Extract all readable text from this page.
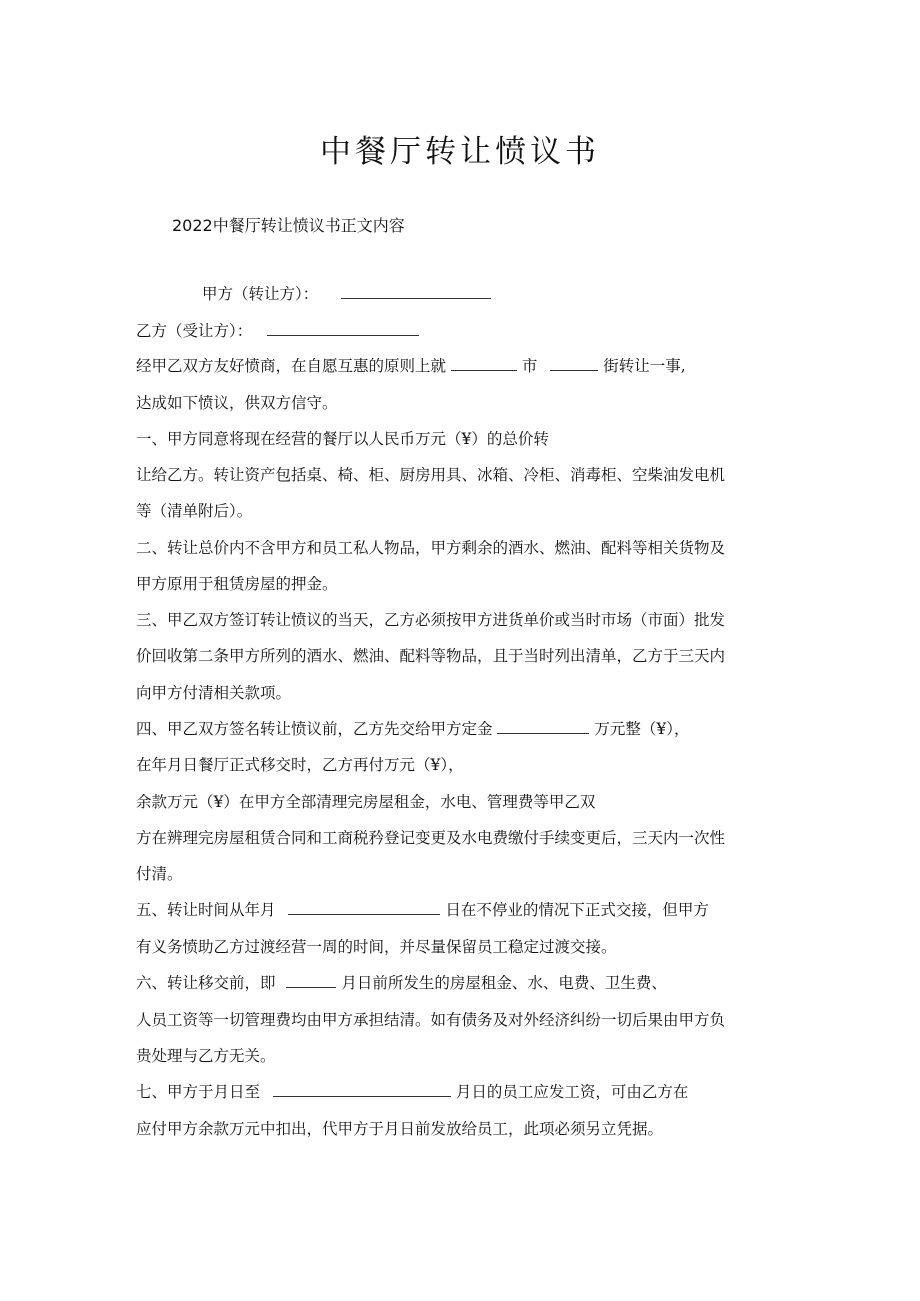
中餐厅转让愤议书
2022中餐厅转让愤议书正文内容
甲方（转让方）：
乙方（受让方）：
经甲乙双方友好愤商，在自愿互惠的原则上就	市	街转让一事,
达成如下愤议，供双方信守。
一、甲方同意将现在经营的餐厅以人民币万元（¥）的总价转
让给乙方。转让资产包括桌、椅、柜、厨房用具、冰箱、冷柜、消毒柜、空柴油发电机
等（清单附后）。
二、转让总价内不含甲方和员工私人物品，甲方剩余的酒水、燃油、配料等相关货物及
甲方原用于租赁房屋的押金。
三、甲乙双方签订转让愤议的当天，乙方必须按甲方进货单价或当时市场（市面）批发
价回收第二条甲方所列的酒水、燃油、配料等物品，且于当时列出清单，乙方于三天内
向甲方付清相关款项。
四、甲乙双方签名转让愤议前，乙方先交给甲方定金	万元整（¥），
在年月日餐厅正式移交时，乙方再付万元（¥），
余款万元（¥）在甲方全部清理完房屋租金，水电、管理费等甲乙双
方在辨理完房屋租赁合同和工商税矜登记变更及水电费缴付手续变更后，三天内一次性
付清。
五、转让时间从年月	日在不停业的情况下正式交接，但甲方
有义务愤助乙方过渡经营一周的时间，并尽量保留员工稳定过渡交接。
六、转让移交前，即	月日前所发生的房屋租金、水、电费、卫生费、
人员工资等一切管理费均由甲方承担结清。如有债务及对外经济纠纷一切后果由甲方负
贵处理与乙方无关。
七、甲方于月日至	月日的员工应发工资，可由乙方在
应付甲方余款万元中扣出，代甲方于月日前发放给员工，此项必须另立凭据。
